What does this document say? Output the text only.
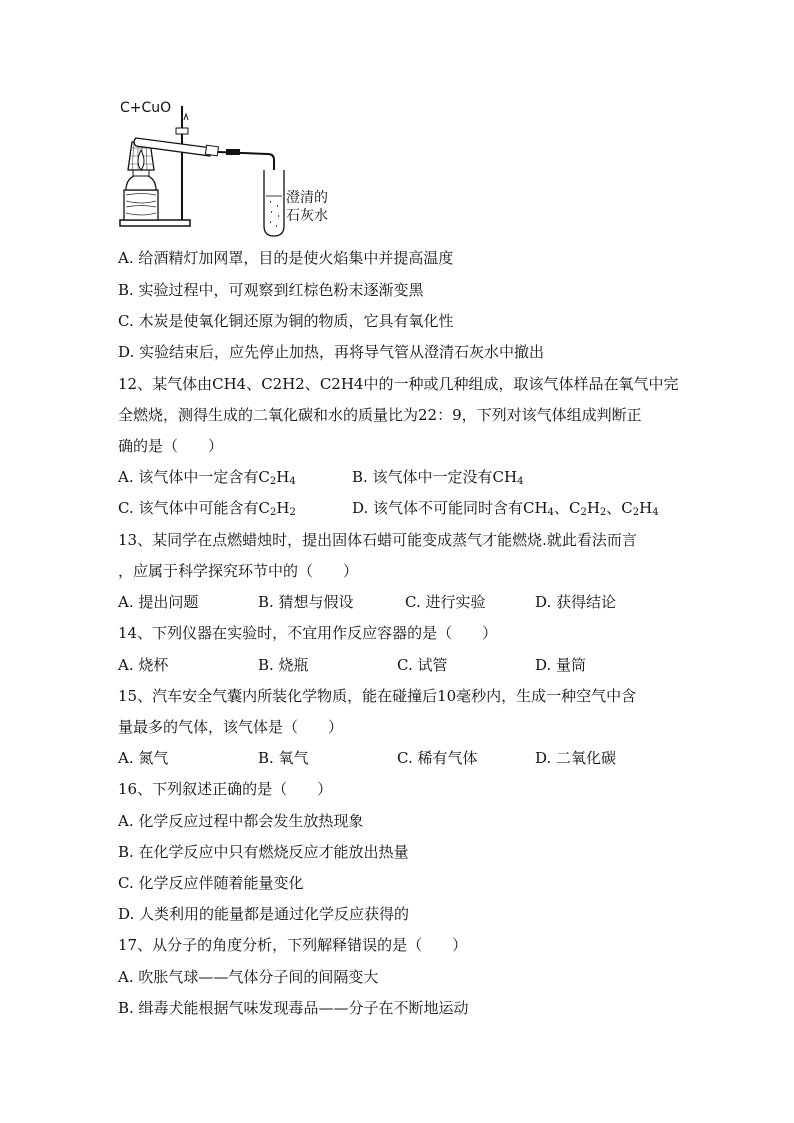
C+CuO
澄清的
石灰水
A. 给酒精灯加网罩，目的是使火焰集中并提高温度
B. 实验过程中，可观察到红棕色粉末逐渐变黑
C. 木炭是使氧化铜还原为铜的物质，它具有氧化性
D. 实验结束后，应先停止加热，再将导气管从澄清石灰水中撤出
12、某气体由CH4、C2H2、C2H4中的一种或几种组成，取该气体样品在氧气中完
全燃烧，测得生成的二氧化碳和水的质量比为22：9，下列对该气体组成判断正
确的是（　　）
A. 该气体中一定含有$C_2H_4$	B. 该气体中一定没有$CH_4$
C. 该气体中可能含有$C_2H_2$	D. 该气体不可能同时含有$CH_4$、$C_2H_2$、$C_2H_4$
13、某同学在点燃蜡烛时，提出固体石蜡可能变成蒸气才能燃烧.就此看法而言
，应属于科学探究环节中的（　　）
A. 提出问题	B. 猜想与假设	C. 进行实验	D. 获得结论
14、下列仪器在实验时，不宜用作反应容器的是（　　）
A. 烧杯	B. 烧瓶	C. 试管	D. 量筒
15、汽车安全气囊内所装化学物质，能在碰撞后10毫秒内，生成一种空气中含
量最多的气体，该气体是（　　）
A. 氮气	B. 氧气	C. 稀有气体	D. 二氧化碳
16、下列叙述正确的是（　　）
A. 化学反应过程中都会发生放热现象
B. 在化学反应中只有燃烧反应才能放出热量
C. 化学反应伴随着能量变化
D. 人类利用的能量都是通过化学反应获得的
17、从分子的角度分析，下列解释错误的是（　　）
A. 吹胀气球——气体分子间的间隔变大
B. 缉毒犬能根据气味发现毒品——分子在不断地运动
